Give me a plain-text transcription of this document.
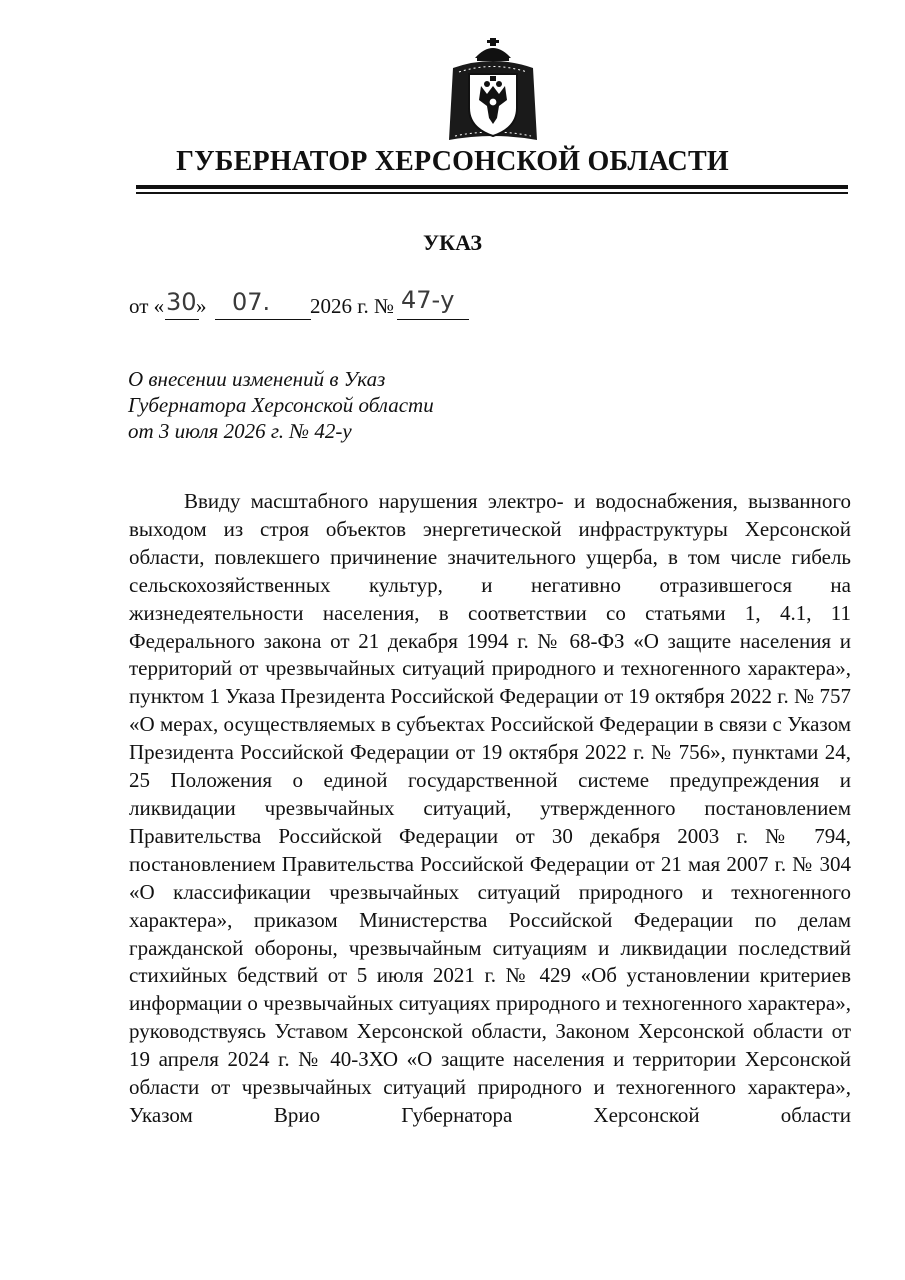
ГУБЕРНАТОР ХЕРСОНСКОЙ ОБЛАСТИ
УКАЗ
от « 30 » 07. 2026 г. № 47-у
О внесении изменений в Указ
Губернатора Херсонской области
от 3 июля 2026 г. № 42-у

Ввиду масштабного нарушения электро- и водоснабжения, вызванного выходом из строя объектов энергетической инфраструктуры Херсонской области, повлекшего причинение значительного ущерба, в том числе гибель сельскохозяйственных культур, и негативно отразившегося на жизнедеятельности населения, в соответствии со статьями 1, 4.1, 11 Федерального закона от 21 декабря 1994 г. № 68-ФЗ «О защите населения и территорий от чрезвычайных ситуаций природного и техногенного характера», пунктом 1 Указа Президента Российской Федерации от 19 октября 2022 г. № 757 «О мерах, осуществляемых в субъектах Российской Федерации в связи с Указом Президента Российской Федерации от 19 октября 2022 г. № 756», пунктами 24, 25 Положения о единой государственной системе предупреждения и ликвидации чрезвычайных ситуаций, утвержденного постановлением Правительства Российской Федерации от 30 декабря 2003 г. № 794, постановлением Правительства Российской Федерации от 21 мая 2007 г. № 304 «О классификации чрезвычайных ситуаций природного и техногенного характера», приказом Министерства Российской Федерации по делам гражданской обороны, чрезвычайным ситуациям и ликвидации последствий стихийных бедствий от 5 июля 2021 г. № 429 «Об установлении критериев информации о чрезвычайных ситуациях природного и техногенного характера», руководствуясь Уставом Херсонской области, Законом Херсонской области от 19 апреля 2024 г. № 40-ЗХО «О защите населения и территории Херсонской области от чрезвычайных ситуаций природного и техногенного характера», Указом Врио Губернатора Херсонской области
